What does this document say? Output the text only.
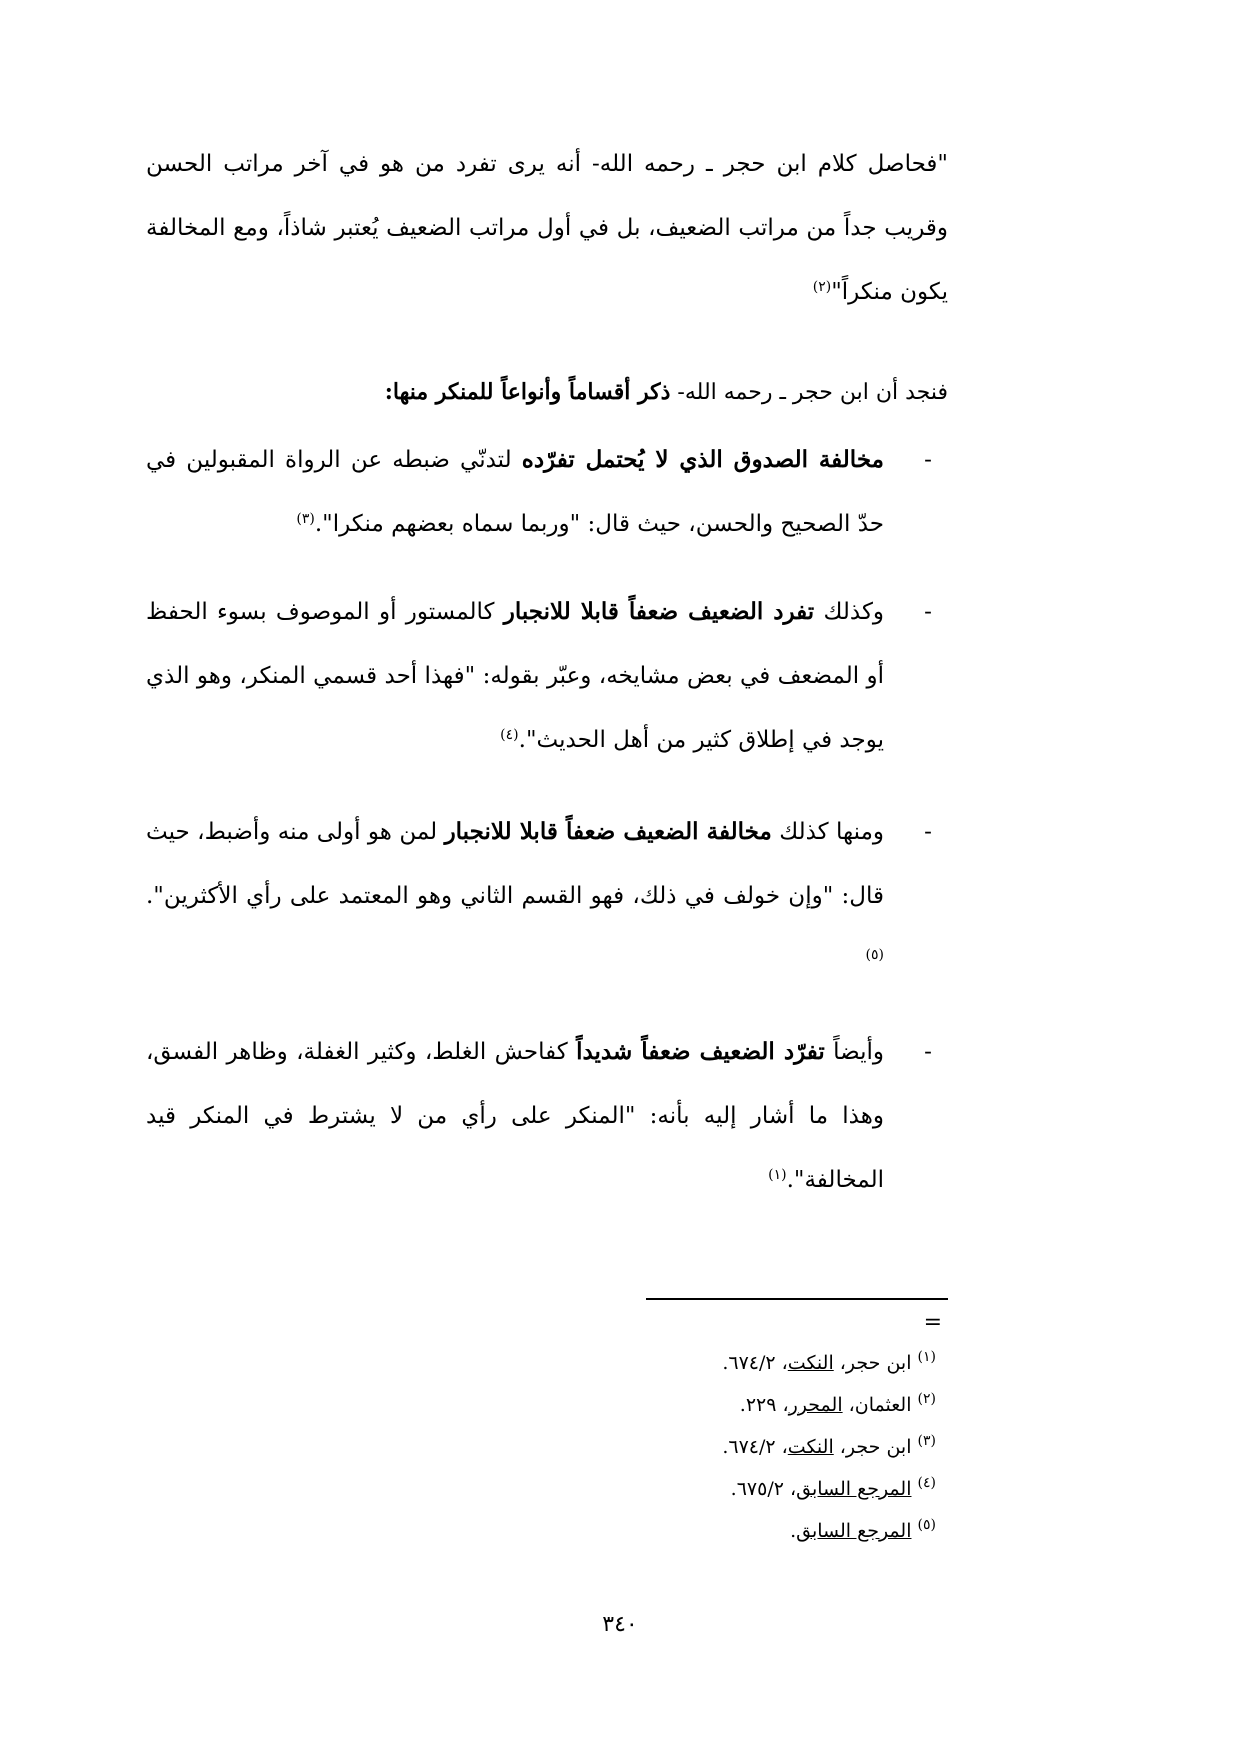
"فحاصل كلام ابن حجر ـ رحمه الله- أنه يرى تفرد من هو في آخر مراتب الحسن وقريب جداً من مراتب الضعيف، بل في أول مراتب الضعيف يُعتبر شاذاً، ومع المخالفة يكون منكراً"$^{(٢)}$
فنجد أن ابن حجر ـ رحمه الله- ذكر أقساماً وأنواعاً للمنكر منها:
-
مخالفة الصدوق الذي لا يُحتمل تفرّده لتدنّي ضبطه عن الرواة المقبولين في حدّ الصحيح والحسن، حيث قال: "وربما سماه بعضهم منكرا".$^{(٣)}$
-
وكذلك تفرد الضعيف ضعفاً قابلا للانجبار كالمستور أو الموصوف بسوء الحفظ أو المضعف في بعض مشايخه، وعبّر بقوله: "فهذا أحد قسمي المنكر، وهو الذي يوجد في إطلاق كثير من أهل الحديث".$^{(٤)}$
-
ومنها كذلك مخالفة الضعيف ضعفاً قابلا للانجبار لمن هو أولى منه وأضبط، حيث قال: "وإن خولف في ذلك، فهو القسم الثاني وهو المعتمد على رأي الأكثرين".$^{(٥)}$
-
وأيضاً تفرّد الضعيف ضعفاً شديداً كفاحش الغلط، وكثير الغفلة، وظاهر الفسق، وهذا ما أشار إليه بأنه: "المنكر على رأي من لا يشترط في المنكر قيد المخالفة".$^{(١)}$
=
$^{(١)}$ ابن حجر، النكت، ٦٧٤/٢.
$^{(٢)}$ العثمان، المحرر، ٢٢٩.
$^{(٣)}$ ابن حجر، النكت، ٦٧٤/٢.
$^{(٤)}$ المرجع السابق، ٦٧٥/٢.
$^{(٥)}$ المرجع السابق.
٣٤٠
